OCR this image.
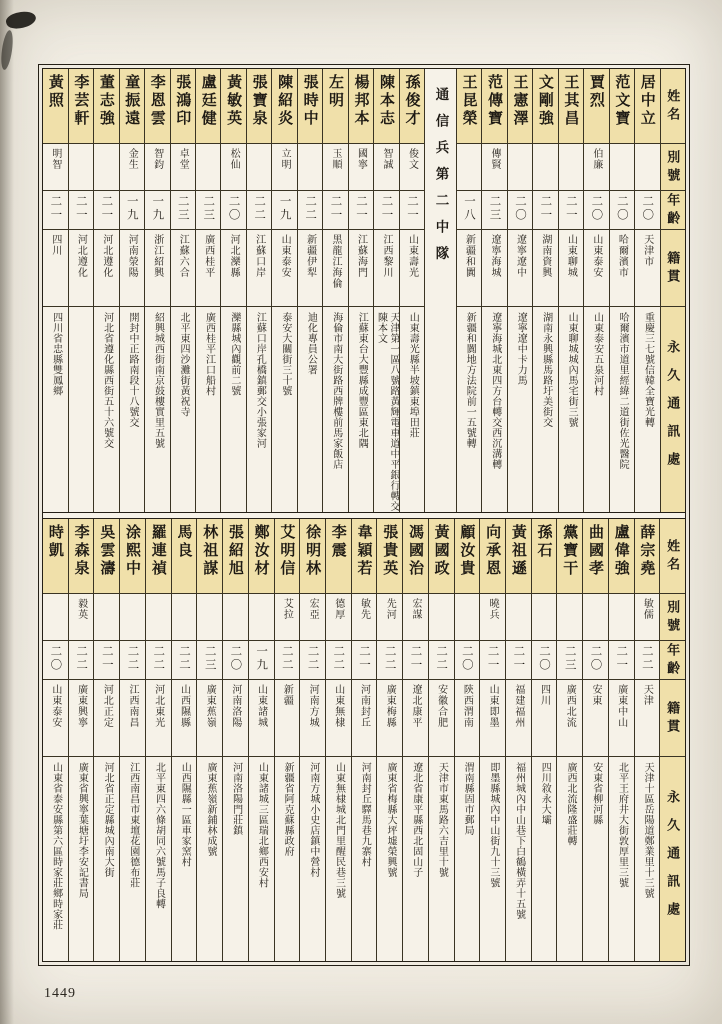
姓名
別號
年齡
籍貫
永久通訊處
居中立
二〇
天津市
重慶三七號信韓全寶光轉
范文寶
二〇
哈爾濱市
哈爾濱市道里經緯二道街佐光醫院
賈烈
伯廉
二〇
山東泰安
山東泰安五泉河村
王其昌
二一
山東聊城
山東聊城城內馬宅街三號
文剛強
二一
湖南資興
湖南永興縣馬路圩美街交
王憲澤
二〇
遼寧遼中
遼寧遼中卡力馬
范傳寶
傳賢
二三
遼寧海城
遼寧海城北東四方台轉交西沉溝轉
王昆榮
一八
新疆和闐
新疆和闐地方法院前一五號轉
通信兵第二中隊
孫俊才
俊文
二一
山東壽光
山東壽光縣半坡鎮東埠田莊
陳本志
智誠
二一
江西黎川
天津第一區八號路黃輝電車道中平銀行轉交陳本文
楊邦本
國寧
二一
江蘇海門
江蘇東台大豐縣成豐區東北隅
左明
玉順
二一
黑龍江海倫
海倫市南大街路西牌樓前馬家飯店
張時中
二二
新疆伊犁
迪化專員公署
陳紹炎
立明
一九
山東泰安
泰安大關街三十號
張寶泉
二二
江蘇口岸
江蘇口岸孔橋鎮郵交小張家河
黃敏英
松仙
二〇
河北灤縣
灤縣城內觀前二號
盧廷健
二三
廣西桂平
廣西桂平江口船村
張鴻印
卓堂
二三
江蘇六合
北平東四沙灘街黃祝寺
李恩雲
智鈞
一九
浙江紹興
紹興城西街南京鼓樓實里五號
童振遠
金生
一九
河南滎陽
開封中正路南段十八號交
董志強
二一
河北遵化
河北省遵化縣西街五十六號交
李芸軒
二一
河北遵化
黃照
明智
二一
四川
四川省忠縣雙鳳鄉
姓名
別號
年齡
籍貫
永久通訊處
薛宗堯
敏儒
二二
天津
天津十區岳陽道鄭業里十三號
盧偉強
二一
廣東中山
北平王府井大街敦厚里三號
曲國孝
二〇
安東
安東省柳河縣
黨寶干
二三
廣西北流
廣西北流隆盛莊轉
孫石
二〇
四川
四川敘永大壩
黃祖遜
二一
福建福州
福州城內中山巷下白鶴橫弄十五號
向承恩
曉兵
二一
山東即墨
即墨縣城內中山街九十三號
顧汝貴
二〇
陝西渭南
渭南縣固市郵局
黃國政
二二
安徽合肥
天津市東馬路六吉里十號
馮國治
宏謀
二一
遼北康平
遼北省康平縣西北固山子
張貴英
先河
二二
廣東梅縣
廣東省梅縣大坪墟榮興號
韋穎若
敏先
二一
河南封丘
河南封丘驛馬巷九寨村
李震
德厚
二二
山東無棣
山東無棣城北門里醒民巷三號
徐明林
宏亞
二二
河南方城
河南方城小史店鎮中營村
艾明信
艾拉
二二
新疆
新疆省阿克蘇縣政府
鄭汝材
一九
山東諸城
山東諸城三區瑞北鄉西安村
張紹旭
二〇
河南洛陽
河南洛陽門莊鎮
林祖謀
二三
廣東蕉嶺
廣東蕉嶺新鋪林成號
馬良
二二
山西隰縣
山西隰縣一區車家窯村
羅連禎
二二
河北東光
北平東四六條胡同六號馬子良轉
涂熙中
二二
江西南昌
江西南昌市東壇花園德布莊
吳雲濤
二一
河北正定
河北省正定縣城內南大街
李森泉
毅英
二二
廣東興寧
廣東省興寧葉塘圩李安記書局
時凱
二〇
山東泰安
山東省泰安縣第六區時家莊鄉時家莊
1449
